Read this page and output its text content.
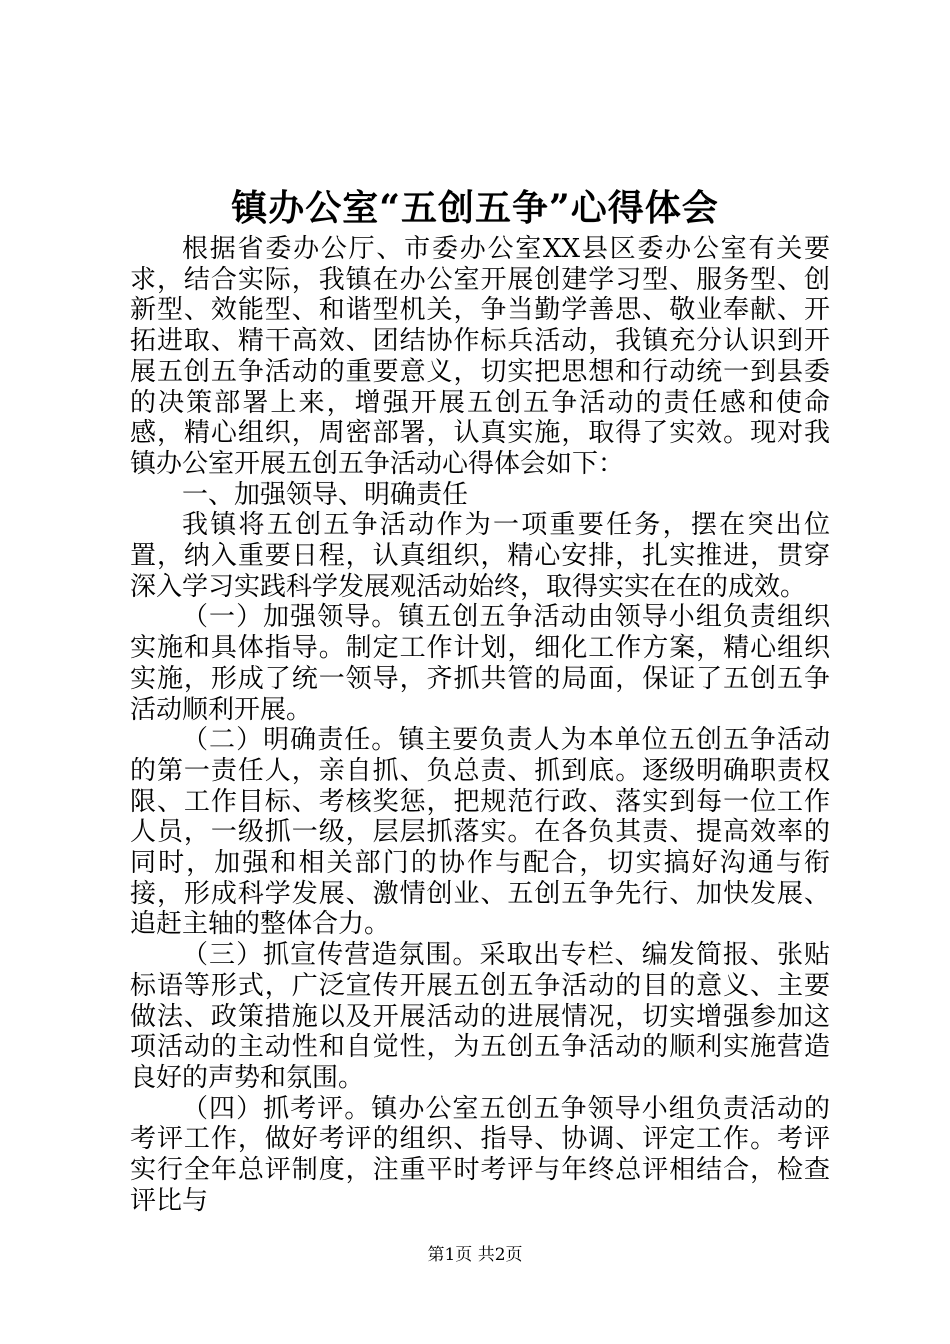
镇办公室“五创五争”心得体会

根据省委办公厅、市委办公室XX县区委办公室有关要求，结合实际，我镇在办公室开展创建学习型、服务型、创新型、效能型、和谐型机关，争当勤学善思、敬业奉献、开拓进取、精干高效、团结协作标兵活动，我镇充分认识到开展五创五争活动的重要意义，切实把思想和行动统一到县委的决策部署上来，增强开展五创五争活动的责任感和使命感，精心组织，周密部署，认真实施，取得了实效。现对我镇办公室开展五创五争活动心得体会如下：

一、加强领导、明确责任

我镇将五创五争活动作为一项重要任务，摆在突出位置，纳入重要日程，认真组织，精心安排，扎实推进，贯穿深入学习实践科学发展观活动始终，取得实实在在的成效。

（一）加强领导。镇五创五争活动由领导小组负责组织实施和具体指导。制定工作计划，细化工作方案，精心组织实施，形成了统一领导，齐抓共管的局面，保证了五创五争活动顺利开展。

（二）明确责任。镇主要负责人为本单位五创五争活动的第一责任人，亲自抓、负总责、抓到底。逐级明确职责权限、工作目标、考核奖惩，把规范行政、落实到每一位工作人员，一级抓一级，层层抓落实。在各负其责、提高效率的同时，加强和相关部门的协作与配合，切实搞好沟通与衔接，形成科学发展、激情创业、五创五争先行、加快发展、追赶主轴的整体合力。

（三）抓宣传营造氛围。采取出专栏、编发简报、张贴标语等形式，广泛宣传开展五创五争活动的目的意义、主要做法、政策措施以及开展活动的进展情况，切实增强参加这项活动的主动性和自觉性，为五创五争活动的顺利实施营造良好的声势和氛围。

（四）抓考评。镇办公室五创五争领导小组负责活动的考评工作，做好考评的组织、指导、协调、评定工作。考评实行全年总评制度，注重平时考评与年终总评相结合，检查评比与

第1页 共2页
